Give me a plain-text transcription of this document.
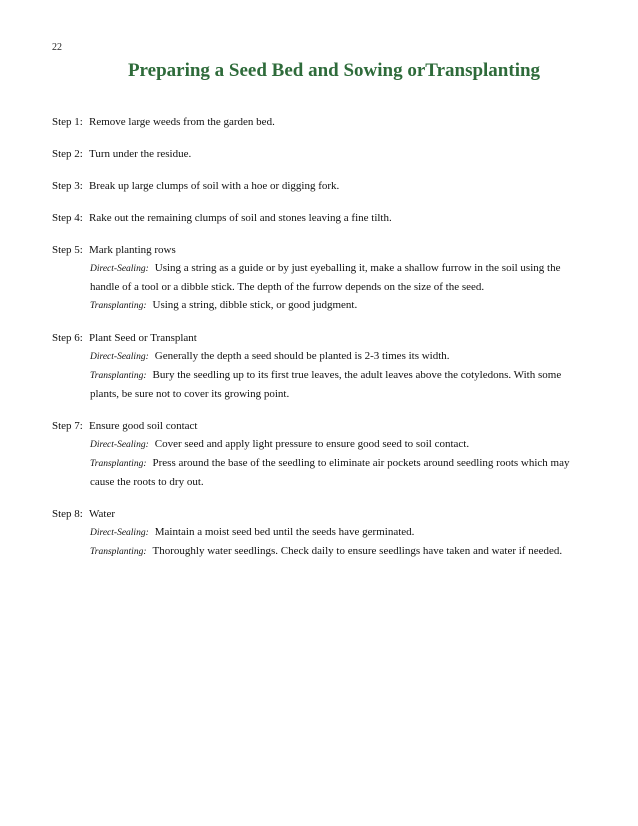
22
Preparing a Seed Bed and Sowing orTransplanting
Step 1: Remove large weeds from the garden bed.
Step 2: Turn under the residue.
Step 3: Break up large clumps of soil with a hoe or digging fork.
Step 4: Rake out the remaining clumps of soil and stones leaving a fine tilth.
Step 5: Mark planting rows
Direct-Sealing: Using a string as a guide or by just eyeballing it, make a shallow furrow in the soil using the handle of a tool or a dibble stick. The depth of the furrow depends on the size of the seed.
Transplanting: Using a string, dibble stick, or good judgment.
Step 6: Plant Seed or Transplant
Direct-Sealing: Generally the depth a seed should be planted is 2-3 times its width.
Transplanting: Bury the seedling up to its first true leaves, the adult leaves above the cotyledons. With some plants, be sure not to cover its growing point.
Step 7: Ensure good soil contact
Direct-Sealing: Cover seed and apply light pressure to ensure good seed to soil contact.
Transplanting: Press around the base of the seedling to eliminate air pockets around seedling roots which may cause the roots to dry out.
Step 8: Water
Direct-Sealing: Maintain a moist seed bed until the seeds have germinated.
Transplanting: Thoroughly water seedlings. Check daily to ensure seedlings have taken and water if needed.
